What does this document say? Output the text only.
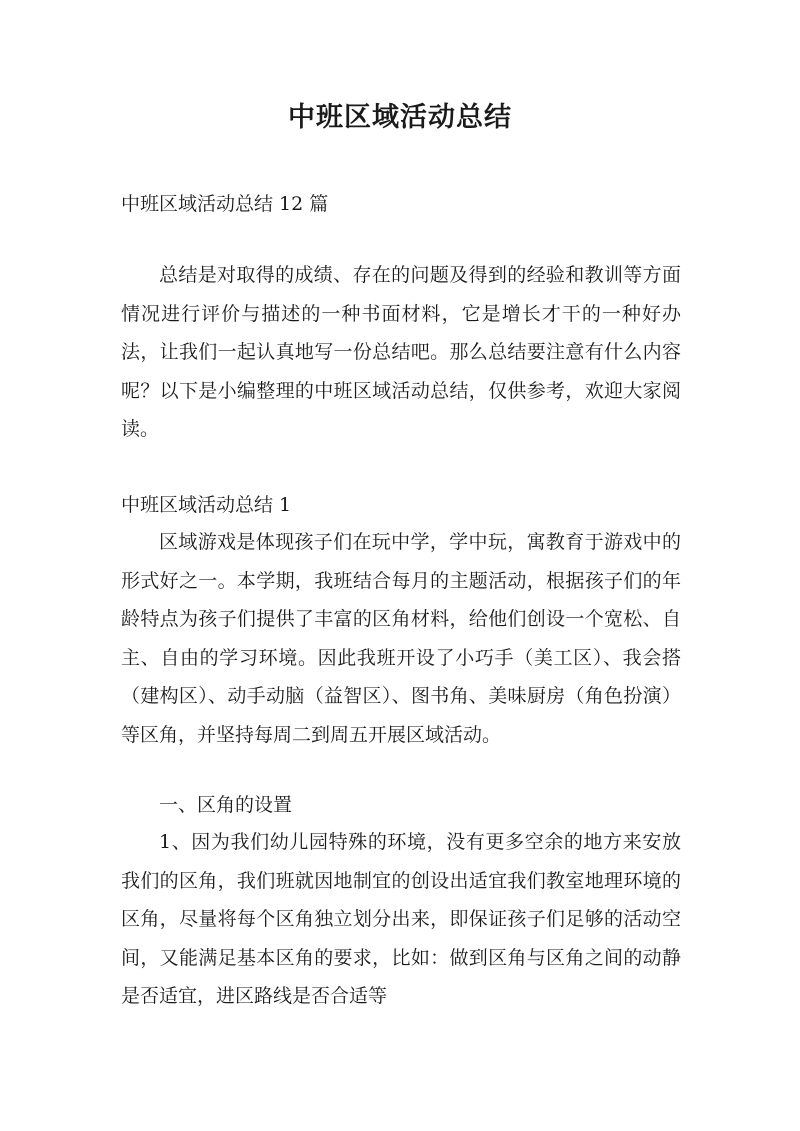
中班区域活动总结
中班区域活动总结 12 篇
总结是对取得的成绩、存在的问题及得到的经验和教训等方面情况进行评价与描述的一种书面材料，它是增长才干的一种好办法，让我们一起认真地写一份总结吧。那么总结要注意有什么内容呢？以下是小编整理的中班区域活动总结，仅供参考，欢迎大家阅读。
中班区域活动总结 1
区域游戏是体现孩子们在玩中学，学中玩，寓教育于游戏中的形式好之一。本学期，我班结合每月的主题活动，根据孩子们的年龄特点为孩子们提供了丰富的区角材料，给他们创设一个宽松、自主、自由的学习环境。因此我班开设了小巧手（美工区）、我会搭（建构区）、动手动脑（益智区）、图书角、美味厨房（角色扮演）等区角，并坚持每周二到周五开展区域活动。
一、区角的设置
1、因为我们幼儿园特殊的环境，没有更多空余的地方来安放我们的区角，我们班就因地制宜的创设出适宜我们教室地理环境的区角，尽量将每个区角独立划分出来，即保证孩子们足够的活动空间，又能满足基本区角的要求，比如：做到区角与区角之间的动静是否适宜，进区路线是否合适等
